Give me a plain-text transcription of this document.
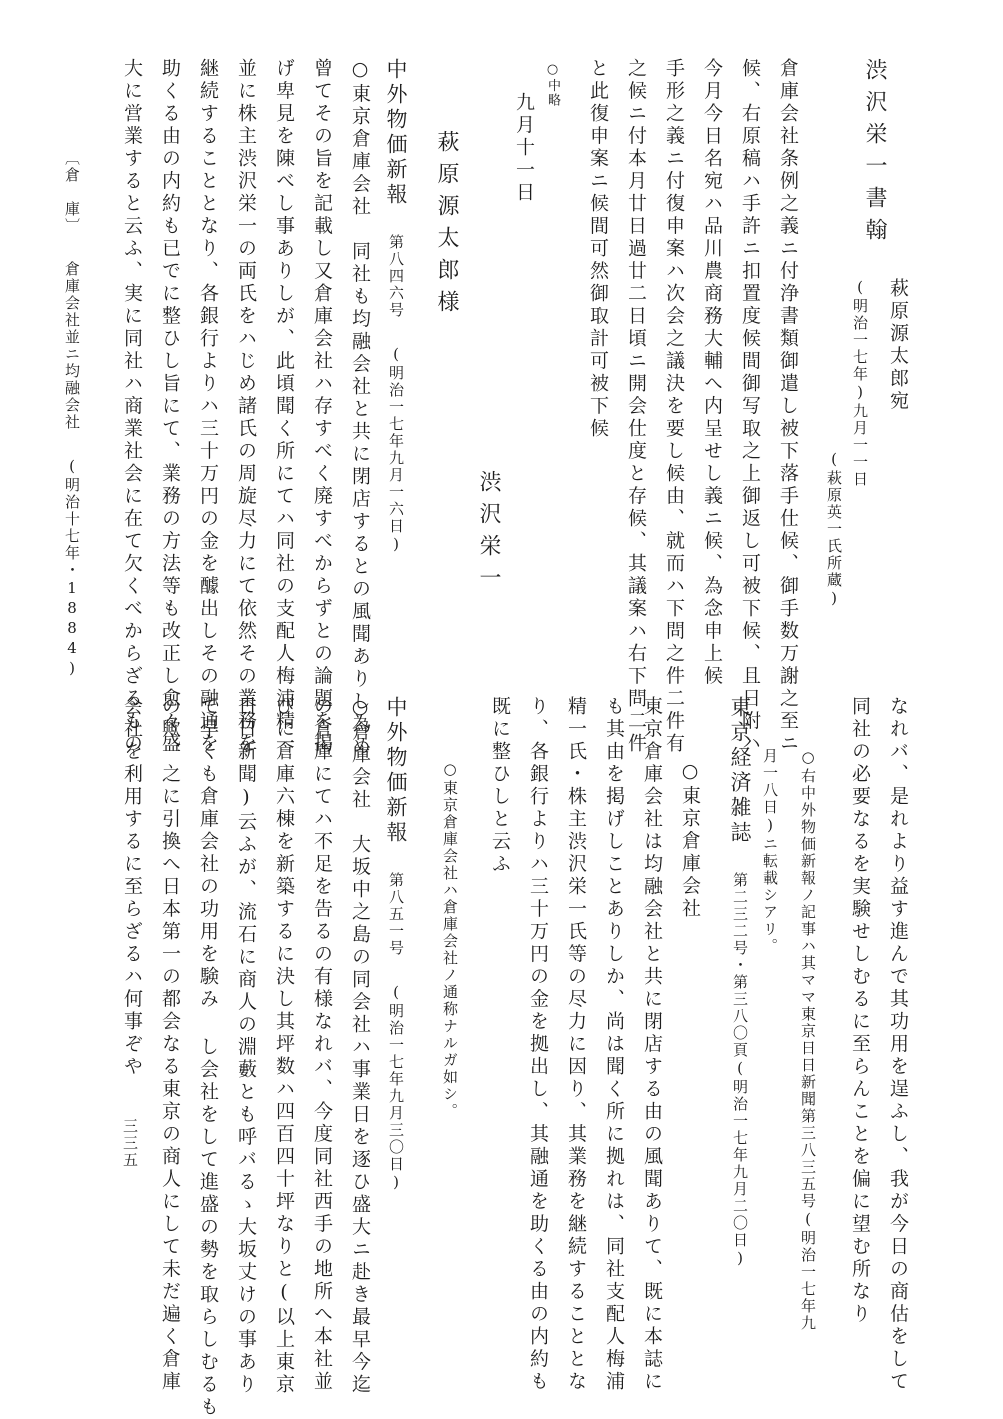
渋沢栄一書翰

萩原源太郎宛

(明治一七年)九月一一日

(萩原英一氏所蔵)

倉庫会社条例之義ニ付浄書類御遣し被下落手仕候、御手数万謝之至ニ

候、右原稿ハ手許ニ扣置度候間御写取之上御返し可被下候、且日附ハ

今月今日名宛ハ品川農商務大輔へ内呈せし義ニ候、為念申上候

手形之義ニ付復申案ハ次会之議決を要し候由、就而ハ下問之件二件有

之候ニ付本月廿日過廿二日頃ニ開会仕度と存候、其議案ハ右下問二件

と此復申案ニ候間可然御取計可被下候

○中略
九月十一日
渋沢栄一
萩原源太郎様

中外物価新報第八四六号(明治一七年九月一六日)

○東京倉庫会社　同社も均融会社と共に閉店するとの風聞ありし為め

曾てその旨を記載し又倉庫会社ハ存すべく廃すべからずとの論題を掲

げ卑見を陳べし事ありしが、此頃聞く所にてハ同社の支配人梅浦精一

並に株主渋沢栄一の両氏をハじめ諸氏の周旋尽力にて依然その業務を

継続することとなり、各銀行よりハ三十万円の金を醵出しその融通を

助くる由の内約も已でに整ひし旨にて、業務の方法等も改正し愈々盛

大に営業すると云ふ、実に同社ハ商業社会に在て欠くべからざるもの

〔倉　庫〕倉庫会社並ニ均融会社(明治十七年・1884)

なれバ、是れより益す進んで其功用を逞ふし、我が今日の商估をして

同社の必要なるを実験せしむるに至らんことを偏に望む所なり

○右中外物価新報ノ記事ハ其ママ東京日日新聞第三八三五号(明治一七年九

月一八日)ニ転載シアリ。

東京経済雑誌第二三二号・第三八〇頁(明治一七年九月二〇日)

○東京倉庫会社

東京倉庫会社は均融会社と共に閉店する由の風聞ありて、既に本誌に

も其由を掲げしことありしか、尚は聞く所に拠れは、同社支配人梅浦

精一氏・株主渋沢栄一氏等の尽力に因り、其業務を継続することとな

り、各銀行よりハ三十万円の金を拠出し、其融通を助くる由の内約も

既に整ひしと云ふ

○東京倉庫会社ハ倉庫会社ノ通称ナルガ如シ。

中外物価新報第八五一号(明治一七年九月三〇日)

○倉庫会社　大坂中之島の同会社ハ事業日を逐ひ盛大ニ赴き最早今迄

の倉庫にてハ不足を告るの有様なれバ、今度同社西手の地所へ本社並

びに倉庫六棟を新築するに決し其坪数ハ四百四十坪なりと(以上東京

日日新聞)云ふが、流石に商人の淵藪とも呼バるゝ大坂丈けの事あり

て早くも倉庫会社の功用を験み し会社をして進盛の勢を取らしむるも

の歟、之に引換へ日本第一の都会なる東京の商人にして未だ遍く倉庫

会社を利用するに至らざるハ何事ぞや

三三五
